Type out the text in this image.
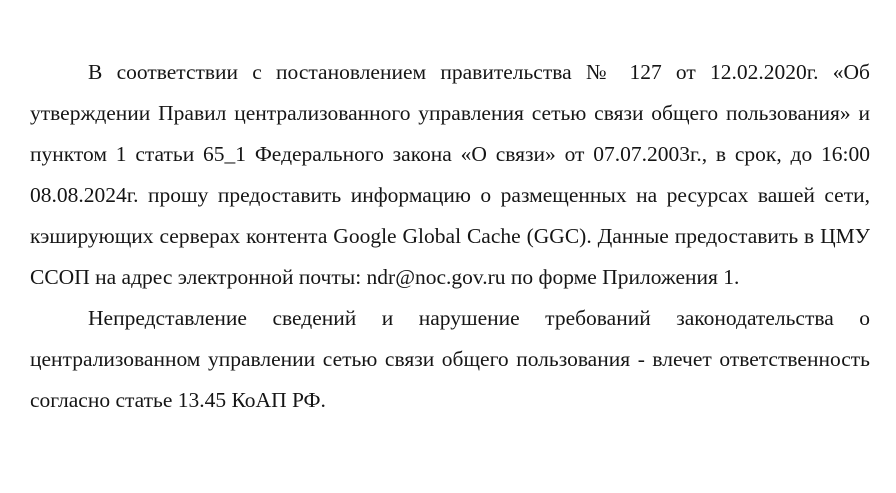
В соответствии с постановлением правительства № 127 от 12.02.2020г. «Об утверждении Правил централизованного управления сетью связи общего пользования» и пунктом 1 статьи 65_1 Федерального закона «О связи» от 07.07.2003г., в срок, до 16:00 08.08.2024г. прошу предоставить информацию о размещенных на ресурсах вашей сети, кэширующих серверах контента Google Global Cache (GGC). Данные предоставить в ЦМУ ССОП на адрес электронной почты: ndr@noc.gov.ru по форме Приложения 1.

Непредставление сведений и нарушение требований законодательства о централизованном управлении сетью связи общего пользования - влечет ответственность согласно статье 13.45 КоАП РФ.
